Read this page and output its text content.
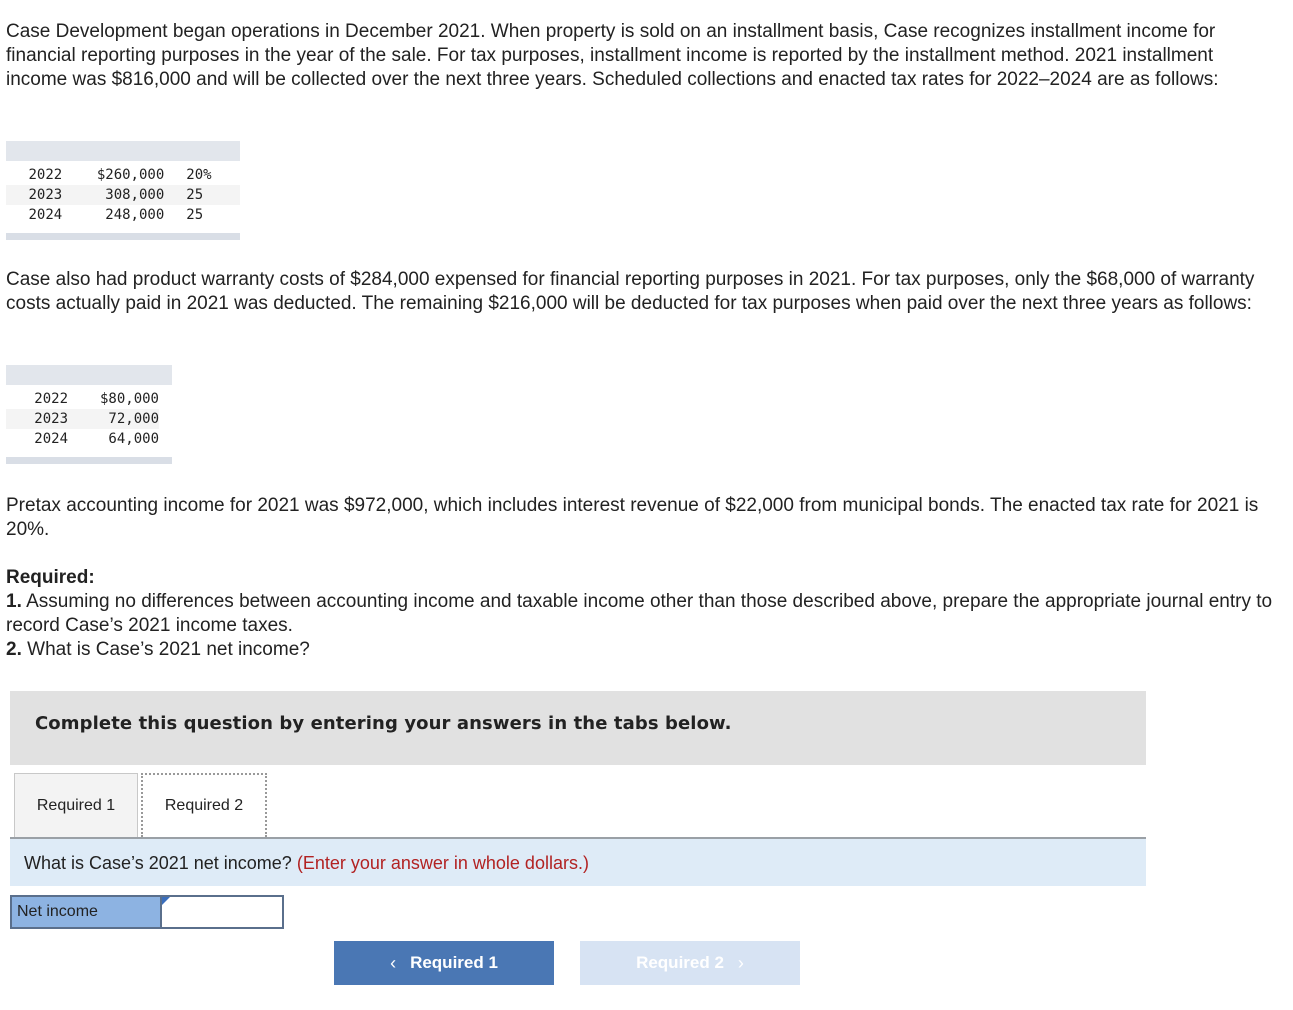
Case Development began operations in December 2021. When property is sold on an installment basis, Case recognizes installment income for financial reporting purposes in the year of the sale. For tax purposes, installment income is reported by the installment method. 2021 installment income was $816,000 and will be collected over the next three years. Scheduled collections and enacted tax rates for 2022–2024 are as follows:

2022	$260,000	20%
2023	308,000	25
2024	248,000	25

Case also had product warranty costs of $284,000 expensed for financial reporting purposes in 2021. For tax purposes, only the $68,000 of warranty costs actually paid in 2021 was deducted. The remaining $216,000 will be deducted for tax purposes when paid over the next three years as follows:

2022	$80,000
2023	72,000
2024	64,000

Pretax accounting income for 2021 was $972,000, which includes interest revenue of $22,000 from municipal bonds. The enacted tax rate for 2021 is 20%.

Required:
1. Assuming no differences between accounting income and taxable income other than those described above, prepare the appropriate journal entry to record Case’s 2021 income taxes.
2. What is Case’s 2021 net income?
Complete this question by entering your answers in the tabs below.
Required 1	Required 2
What is Case’s 2021 net income? (Enter your answer in whole dollars.)
Net income
‹ Required 1	Required 2 ›
